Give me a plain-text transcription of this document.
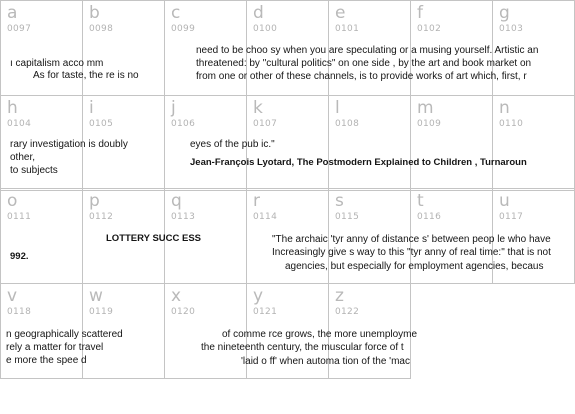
a
0097
b
0098
c
0099
d
0100
e
0101
f
0102
g
0103
h
0104
i
0105
j
0106
k
0107
l
0108
m
0109
n
0110
o
0111
p
0112
q
0113
r
0114
s
0115
t
0116
u
0117
v
0118
w
0119
x
0120
y
0121
z
0122
ı capitalism acco mm
As for taste, the re is no
need to be choo sy when you are speculating or a musing yourself. Artistic an
threatened: by "cultural politics" on one side , by the art and book market on
from one or other of these channels, is to provide works of art which, first, r
rary investigation is doubly
other,
to subjects
eyes of the pub ic."
Jean-François Lyotard, The Postmodern Explained to Children , Turnaroun
992.
LOTTERY SUCC ESS	"The archaic 'tyr anny of distance s' between peop le who have
Increasingly give s way to this "tyr anny of real time:" that is not
agencies, but especially for employment agencies, becaus
n geographically scattered
rely a matter for travel
e more the spee d
of comme rce grows, the more unemployme
the nineteenth century, the muscular force of t
'laid o ff' when automa tion of the 'mac
